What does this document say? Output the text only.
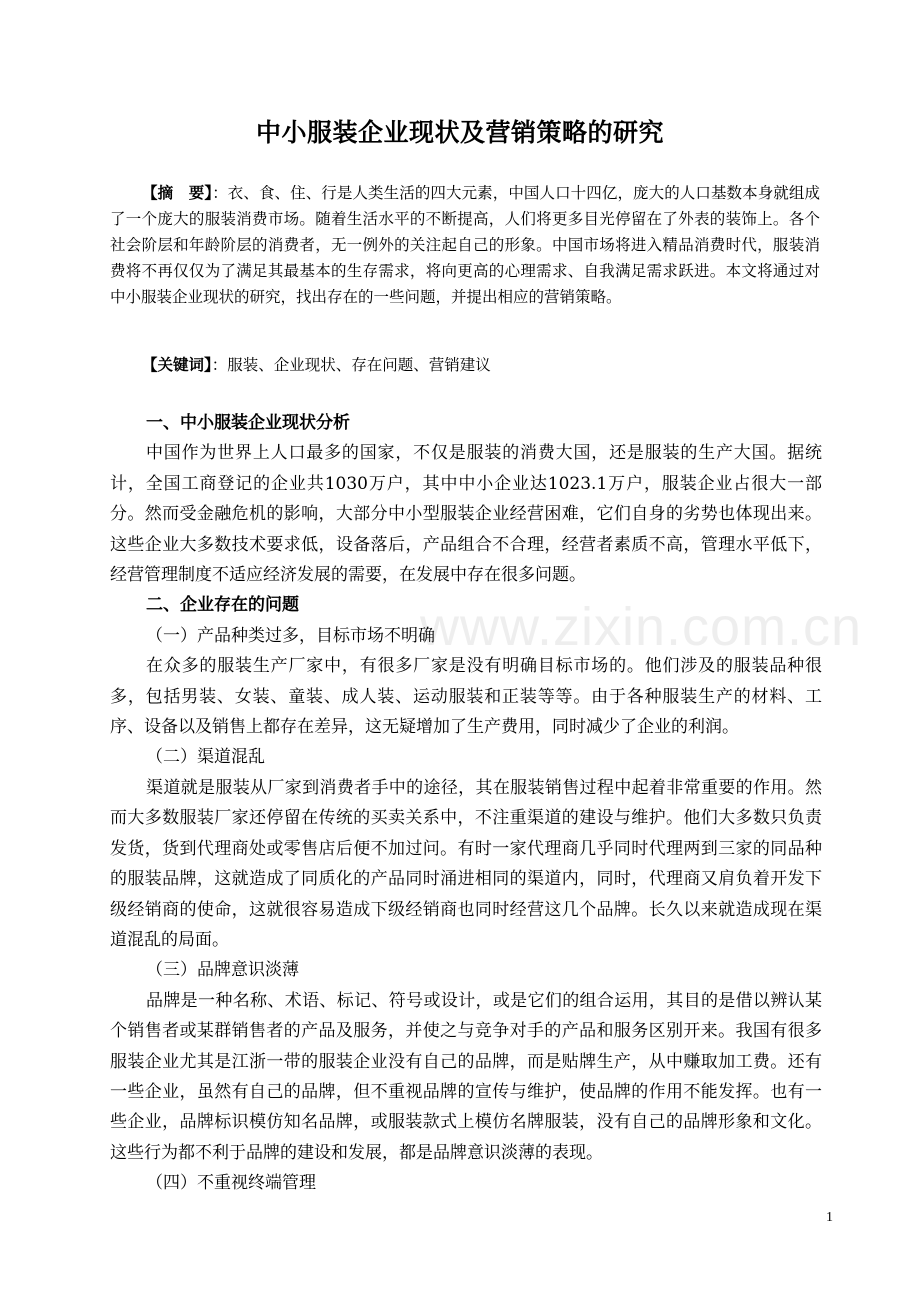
中小服装企业现状及营销策略的研究
【摘　要】：衣、食、住、行是人类生活的四大元素，中国人口十四亿，庞大的人口基数本身就组成了一个庞大的服装消费市场。随着生活水平的不断提高，人们将更多目光停留在了外表的装饰上。各个社会阶层和年龄阶层的消费者，无一例外的关注起自己的形象。中国市场将进入精品消费时代，服装消费将不再仅仅为了满足其最基本的生存需求，将向更高的心理需求、自我满足需求跃进。本文将通过对中小服装企业现状的研究，找出存在的一些问题，并提出相应的营销策略。
【关键词】：服装、企业现状、存在问题、营销建议

一、中小服装企业现状分析

中国作为世界上人口最多的国家，不仅是服装的消费大国，还是服装的生产大国。据统计，全国工商登记的企业共1030万户，其中中小企业达1023.1万户，服装企业占很大一部分。然而受金融危机的影响，大部分中小型服装企业经营困难，它们自身的劣势也体现出来。这些企业大多数技术要求低，设备落后，产品组合不合理，经营者素质不高，管理水平低下，经营管理制度不适应经济发展的需要，在发展中存在很多问题。

二、企业存在的问题

（一）产品种类过多，目标市场不明确

在众多的服装生产厂家中，有很多厂家是没有明确目标市场的。他们涉及的服装品种很多，包括男装、女装、童装、成人装、运动服装和正装等等。由于各种服装生产的材料、工序、设备以及销售上都存在差异，这无疑增加了生产费用，同时减少了企业的利润。

（二）渠道混乱

渠道就是服装从厂家到消费者手中的途径，其在服装销售过程中起着非常重要的作用。然而大多数服装厂家还停留在传统的买卖关系中，不注重渠道的建设与维护。他们大多数只负责发货，货到代理商处或零售店后便不加过问。有时一家代理商几乎同时代理两到三家的同品种的服装品牌，这就造成了同质化的产品同时涌进相同的渠道内，同时，代理商又肩负着开发下级经销商的使命，这就很容易造成下级经销商也同时经营这几个品牌。长久以来就造成现在渠道混乱的局面。

（三）品牌意识淡薄

品牌是一种名称、术语、标记、符号或设计，或是它们的组合运用，其目的是借以辨认某个销售者或某群销售者的产品及服务，并使之与竞争对手的产品和服务区别开来。我国有很多服装企业尤其是江浙一带的服装企业没有自己的品牌，而是贴牌生产，从中赚取加工费。还有一些企业，虽然有自己的品牌，但不重视品牌的宣传与维护，使品牌的作用不能发挥。也有一些企业，品牌标识模仿知名品牌，或服装款式上模仿名牌服装，没有自己的品牌形象和文化。这些行为都不利于品牌的建设和发展，都是品牌意识淡薄的表现。

（四）不重视终端管理

www.zixin.com.cn
1
